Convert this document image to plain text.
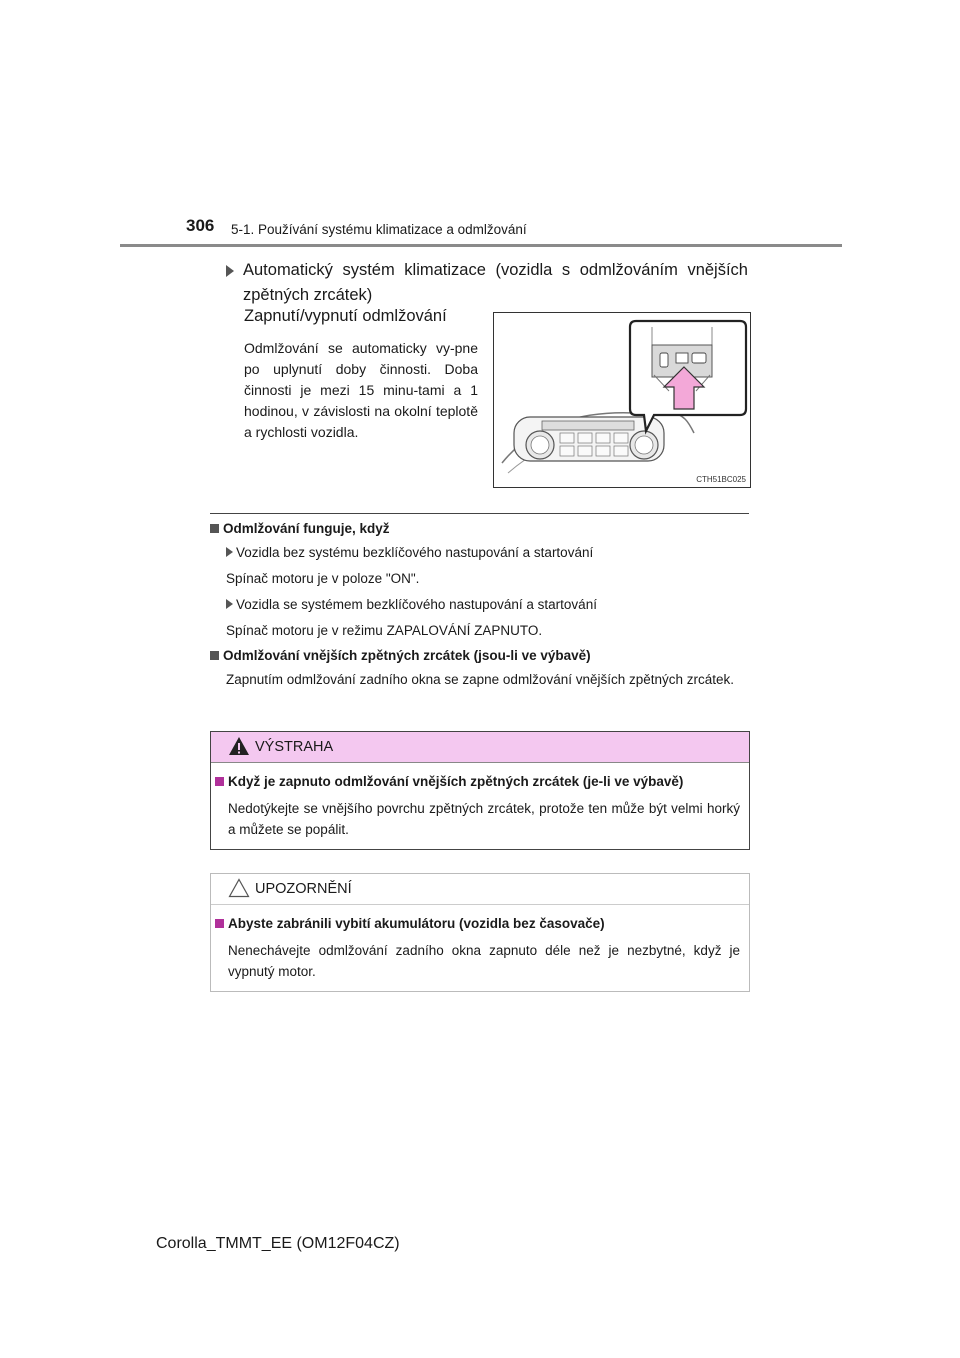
306 5-1. Používání systému klimatizace a odmlžování
Automatický systém klimatizace (vozidla s odmlžováním vnějších zpětných zrcátek)
Zapnutí/vypnutí odmlžování
Odmlžování se automaticky vy-pne po uplynutí doby činnosti. Doba činnosti je mezi 15 minu-tami a 1 hodinou, v závislosti na okolní teplotě a rychlosti vozidla.
CTH51BC025
Odmlžování funguje, když
Vozidla bez systému bezklíčového nastupování a startování
Spínač motoru je v poloze "ON".
Vozidla se systémem bezklíčového nastupování a startování
Spínač motoru je v režimu ZAPALOVÁNÍ ZAPNUTO.
Odmlžování vnějších zpětných zrcátek (jsou-li ve výbavě)
Zapnutím odmlžování zadního okna se zapne odmlžování vnějších zpětných zrcátek.
VÝSTRAHA
Když je zapnuto odmlžování vnějších zpětných zrcátek (je-li ve výbavě)
Nedotýkejte se vnějšího povrchu zpětných zrcátek, protože ten může být velmi horký a můžete se popálit.
UPOZORNĚNÍ
Abyste zabránili vybití akumulátoru (vozidla bez časovače)
Nenechávejte odmlžování zadního okna zapnuto déle než je nezbytné, když je vypnutý motor.
Corolla_TMMT_EE (OM12F04CZ)
